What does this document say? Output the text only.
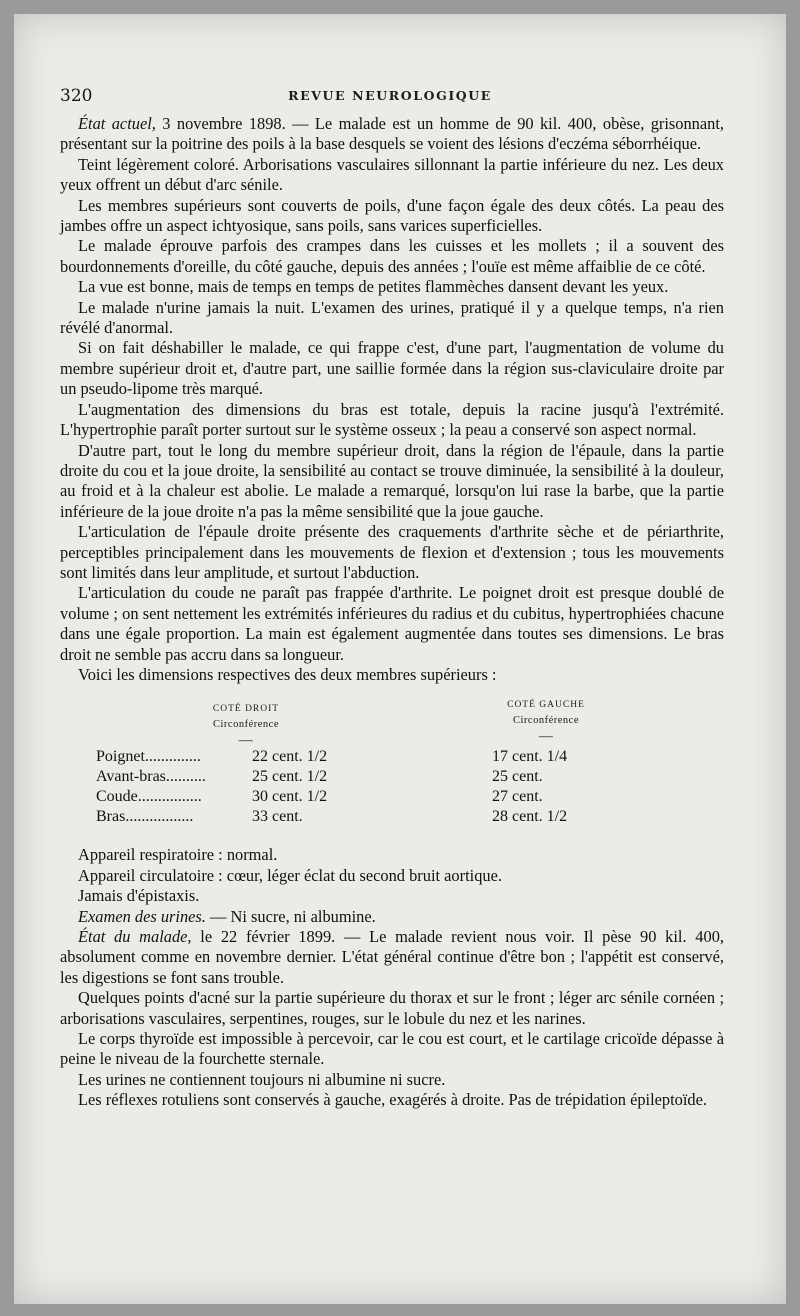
320	REVUE NEUROLOGIQUE

État actuel, 3 novembre 1898. — Le malade est un homme de 90 kil. 400, obèse, grisonnant, présentant sur la poitrine des poils à la base desquels se voient des lésions d'eczéma séborrhéique.

Teint légèrement coloré. Arborisations vasculaires sillonnant la partie inférieure du nez. Les deux yeux offrent un début d'arc sénile.

Les membres supérieurs sont couverts de poils, d'une façon égale des deux côtés. La peau des jambes offre un aspect ichtyosique, sans poils, sans varices superficielles.

Le malade éprouve parfois des crampes dans les cuisses et les mollets ; il a souvent des bourdonnements d'oreille, du côté gauche, depuis des années ; l'ouïe est même affaiblie de ce côté.

La vue est bonne, mais de temps en temps de petites flammèches dansent devant les yeux.

Le malade n'urine jamais la nuit. L'examen des urines, pratiqué il y a quelque temps, n'a rien révélé d'anormal.

Si on fait déshabiller le malade, ce qui frappe c'est, d'une part, l'augmentation de volume du membre supérieur droit et, d'autre part, une saillie formée dans la région sus-claviculaire droite par un pseudo-lipome très marqué.

L'augmentation des dimensions du bras est totale, depuis la racine jusqu'à l'extrémité. L'hypertrophie paraît porter surtout sur le système osseux ; la peau a conservé son aspect normal.

D'autre part, tout le long du membre supérieur droit, dans la région de l'épaule, dans la partie droite du cou et la joue droite, la sensibilité au contact se trouve diminuée, la sensibilité à la douleur, au froid et à la chaleur est abolie. Le malade a remarqué, lorsqu'on lui rase la barbe, que la partie inférieure de la joue droite n'a pas la même sensibilité que la joue gauche.

L'articulation de l'épaule droite présente des craquements d'arthrite sèche et de périarthrite, perceptibles principalement dans les mouvements de flexion et d'extension ; tous les mouvements sont limités dans leur amplitude, et surtout l'abduction.

L'articulation du coude ne paraît pas frappée d'arthrite. Le poignet droit est presque doublé de volume ; on sent nettement les extrémités inférieures du radius et du cubitus, hypertrophiées chacune dans une égale proportion. La main est également augmentée dans toutes ses dimensions. Le bras droit ne semble pas accru dans sa longueur.

Voici les dimensions respectives des deux membres supérieurs :

COTÉ DROIT
Circonférence
—
COTÉ GAUCHE
Circonférence
—
Poignet..............	22 cent. 1/2	17 cent. 1/4
Avant-bras..........	25 cent. 1/2	25 cent.
Coude................	30 cent. 1/2	27 cent.
Bras.................	33 cent.	28 cent. 1/2

Appareil respiratoire : normal.

Appareil circulatoire : cœur, léger éclat du second bruit aortique.

Jamais d'épistaxis.

Examen des urines. — Ni sucre, ni albumine.

État du malade, le 22 février 1899. — Le malade revient nous voir. Il pèse 90 kil. 400, absolument comme en novembre dernier. L'état général continue d'être bon ; l'appétit est conservé, les digestions se font sans trouble.

Quelques points d'acné sur la partie supérieure du thorax et sur le front ; léger arc sénile cornéen ; arborisations vasculaires, serpentines, rouges, sur le lobule du nez et les narines.

Le corps thyroïde est impossible à percevoir, car le cou est court, et le cartilage cricoïde dépasse à peine le niveau de la fourchette sternale.

Les urines ne contiennent toujours ni albumine ni sucre.

Les réflexes rotuliens sont conservés à gauche, exagérés à droite. Pas de trépidation épileptoïde.
